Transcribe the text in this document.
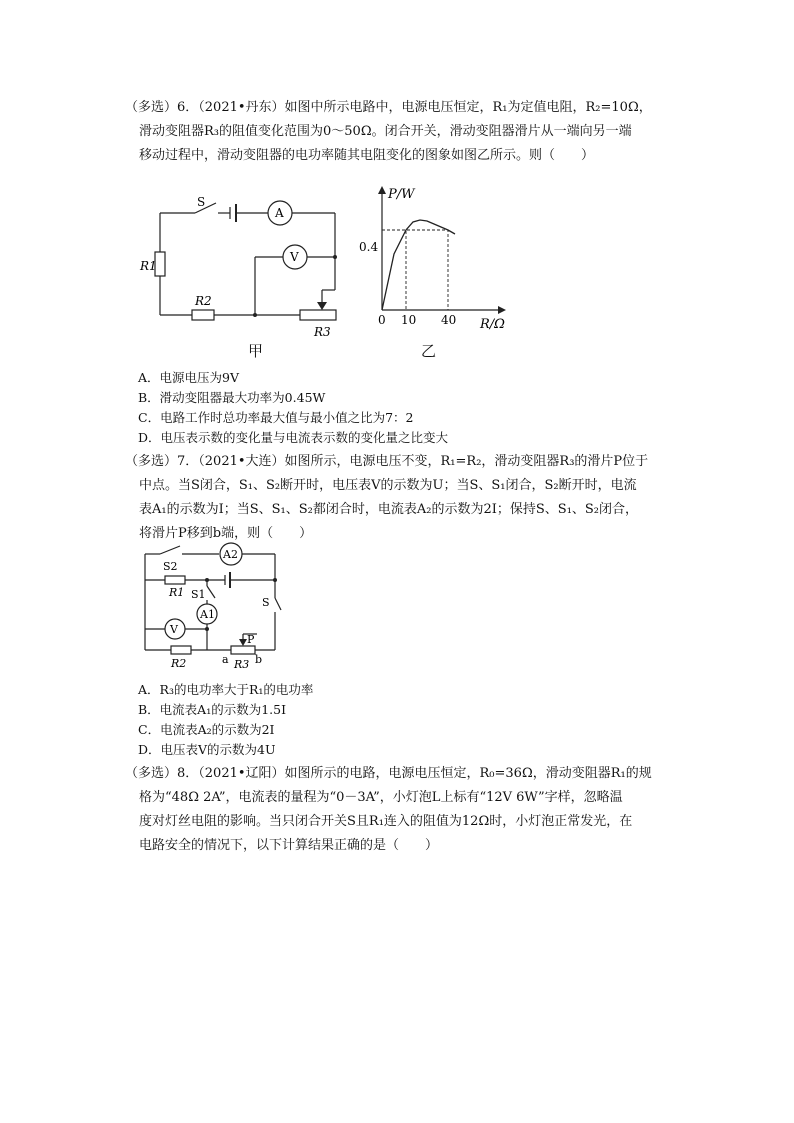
（多选）6．（2021•丹东）如图中所示电路中，电源电压恒定，R₁为定值电阻，R₂=10Ω，

滑动变阻器R₃的阻值变化范围为0～50Ω。闭合开关，滑动变阻器滑片从一端向另一端

移动过程中，滑动变阻器的电功率随其电阻变化的图象如图乙所示。则（　　）

S
A
V
R1
R2
R3
甲
P/W
R/Ω
0.4
0 10 40
乙
A．电源电压为9V
B．滑动变阻器最大功率为0.45W
C．电路工作时总功率最大值与最小值之比为7：2
D．电压表示数的变化量与电流表示数的变化量之比变大

（多选）7．（2021•大连）如图所示，电源电压不变，R₁=R₂，滑动变阻器R₃的滑片P位于

中点。当S闭合，S₁、S₂断开时，电压表V的示数为U；当S、S₁闭合，S₂断开时，电流

表A₁的示数为I；当S、S₁、S₂都闭合时，电流表A₂的示数为2I；保持S、S₁、S₂闭合，

将滑片P移到b端，则（　　）

S2
A2
R1 S1
A1
S
V
P
R2	a R3 b
A．R₃的电功率大于R₁的电功率
B．电流表A₁的示数为1.5I
C．电流表A₂的示数为2I
D．电压表V的示数为4U

（多选）8．（2021•辽阳）如图所示的电路，电源电压恒定，R₀=36Ω，滑动变阻器R₁的规

格为“48Ω 2A”，电流表的量程为“0－3A”，小灯泡L上标有“12V 6W”字样，忽略温

度对灯丝电阻的影响。当只闭合开关S且R₁连入的阻值为12Ω时，小灯泡正常发光，在

电路安全的情况下，以下计算结果正确的是（　　）
